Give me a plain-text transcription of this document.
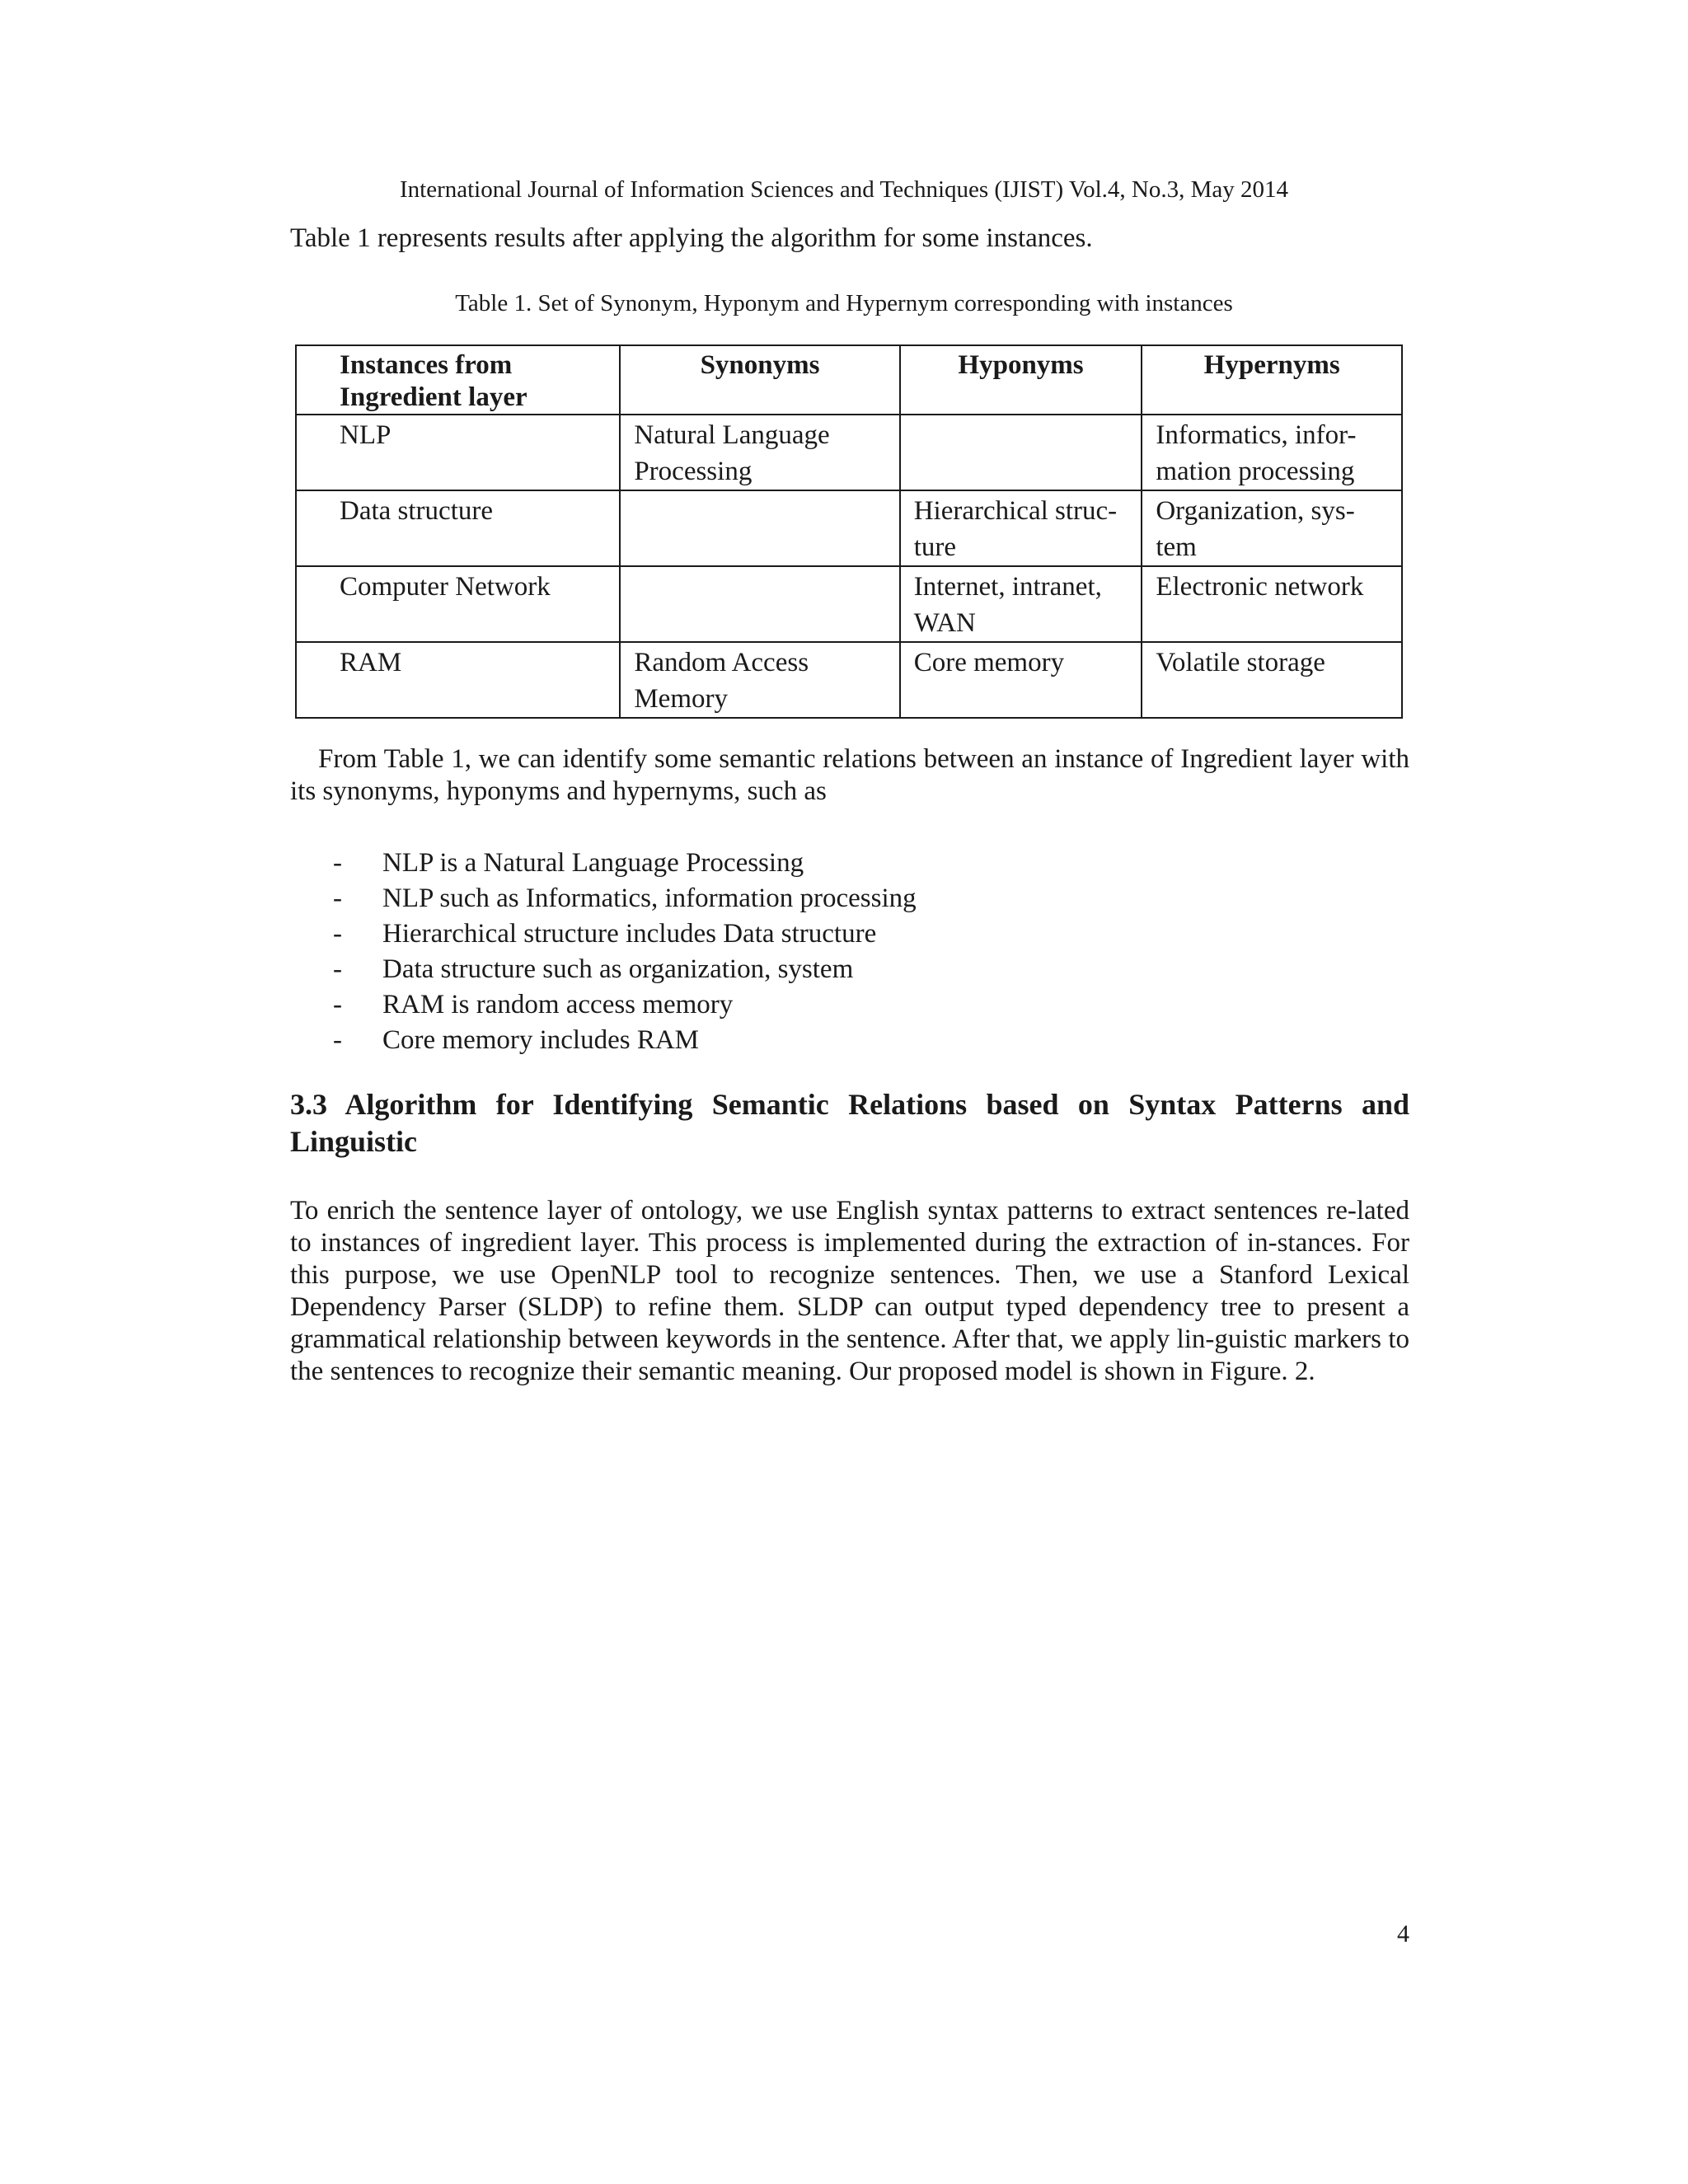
International Journal of Information Sciences and Techniques (IJIST) Vol.4, No.3, May 2014

Table 1 represents results after applying the algorithm for some instances.

Table 1. Set of Synonym, Hyponym and Hypernym corresponding with instances
Instances from Ingredient layer	Synonyms	Hyponyms	Hypernyms
NLP	Natural Language Processing		Informatics, infor-mation processing
Data structure		Hierarchical struc-ture	Organization, sys-tem
Computer Network		Internet, intranet, WAN	Electronic network
RAM	Random Access Memory	Core memory	Volatile storage

From Table 1, we can identify some semantic relations between an instance of Ingredient layer with its synonyms, hyponyms and hypernyms, such as

- NLP is a Natural Language Processing
- NLP such as Informatics, information processing
- Hierarchical structure includes Data structure
- Data structure such as organization, system
- RAM is random access memory
- Core memory includes RAM
3.3 Algorithm for Identifying Semantic Relations based on Syntax Patterns and Linguistic

To enrich the sentence layer of ontology, we use English syntax patterns to extract sentences re-lated to instances of ingredient layer. This process is implemented during the extraction of in-stances. For this purpose, we use OpenNLP tool to recognize sentences. Then, we use a Stanford Lexical Dependency Parser (SLDP) to refine them. SLDP can output typed dependency tree to present a grammatical relationship between keywords in the sentence. After that, we apply lin-guistic markers to the sentences to recognize their semantic meaning. Our proposed model is shown in Figure. 2.

4
